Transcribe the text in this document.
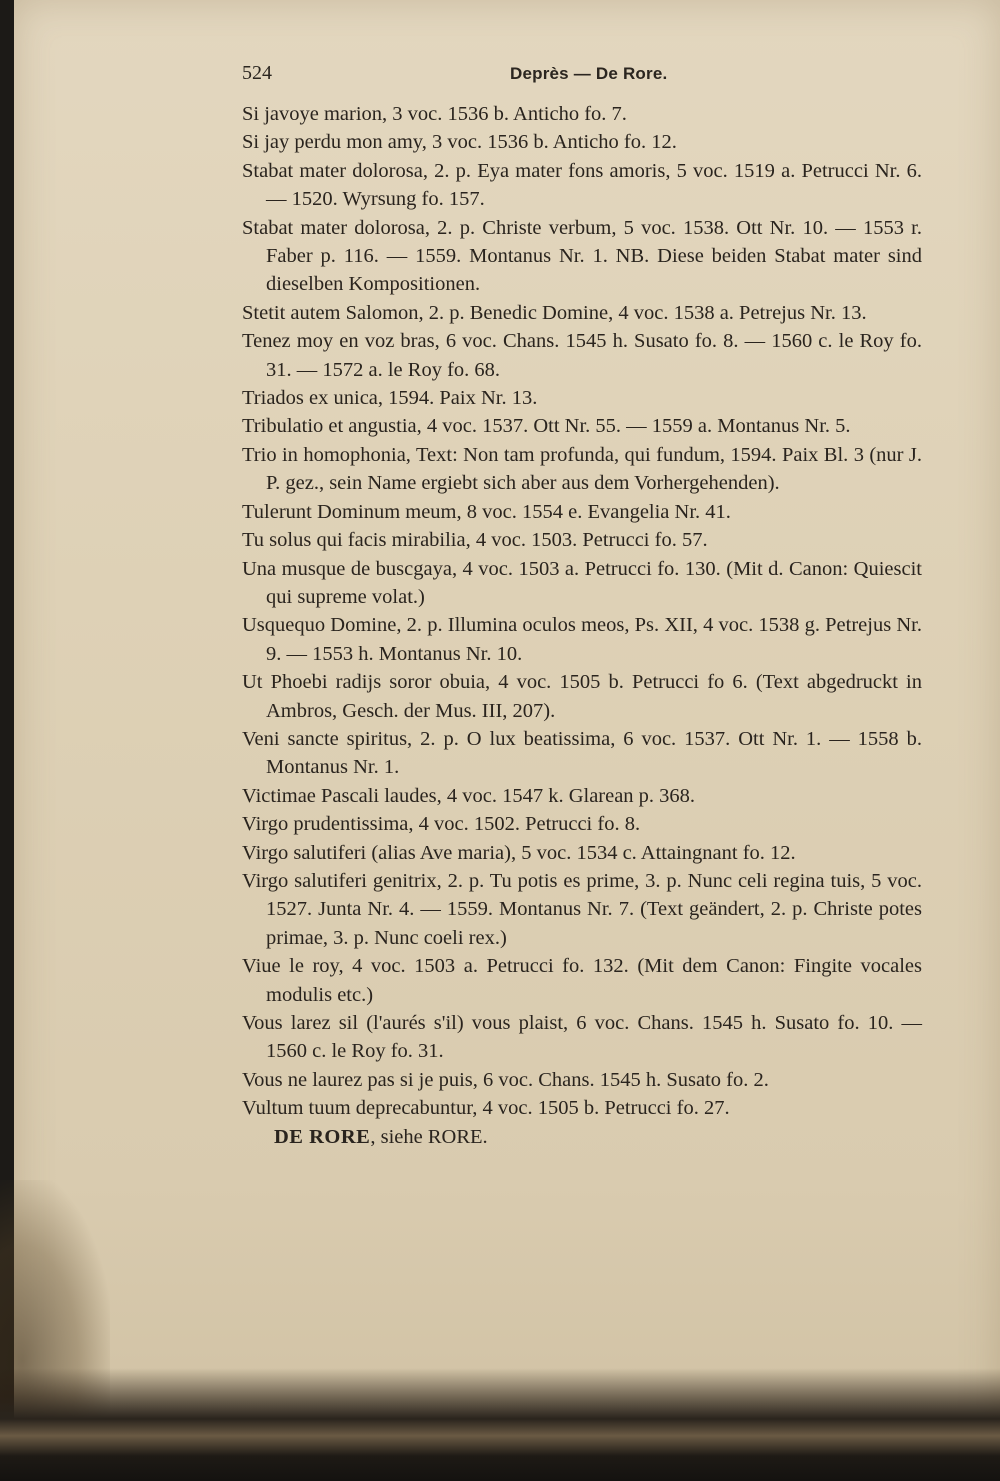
524	Deprès — De Rore.

Si javoye marion, 3 voc. 1536 b. Anticho fo. 7.

Si jay perdu mon amy, 3 voc. 1536 b. Anticho fo. 12.

Stabat mater dolorosa, 2. p. Eya mater fons amoris, 5 voc. 1519 a. Petrucci Nr. 6. — 1520. Wyrsung fo. 157.

Stabat mater dolorosa, 2. p. Christe verbum, 5 voc. 1538. Ott Nr. 10. — 1553 r. Faber p. 116. — 1559. Montanus Nr. 1. NB. Diese beiden Stabat mater sind dieselben Kompositionen.

Stetit autem Salomon, 2. p. Benedic Domine, 4 voc. 1538 a. Petrejus Nr. 13.

Tenez moy en voz bras, 6 voc. Chans. 1545 h. Susato fo. 8. — 1560 c. le Roy fo. 31. — 1572 a. le Roy fo. 68.

Triados ex unica, 1594. Paix Nr. 13.

Tribulatio et angustia, 4 voc. 1537. Ott Nr. 55. — 1559 a. Montanus Nr. 5.

Trio in homophonia, Text: Non tam profunda, qui fundum, 1594. Paix Bl. 3 (nur J. P. gez., sein Name ergiebt sich aber aus dem Vorhergehenden).

Tulerunt Dominum meum, 8 voc. 1554 e. Evangelia Nr. 41.

Tu solus qui facis mirabilia, 4 voc. 1503. Petrucci fo. 57.

Una musque de buscgaya, 4 voc. 1503 a. Petrucci fo. 130. (Mit d. Canon: Quiescit qui supreme volat.)

Usquequo Domine, 2. p. Illumina oculos meos, Ps. XII, 4 voc. 1538 g. Petrejus Nr. 9. — 1553 h. Montanus Nr. 10.

Ut Phoebi radijs soror obuia, 4 voc. 1505 b. Petrucci fo 6. (Text abgedruckt in Ambros, Gesch. der Mus. III, 207).

Veni sancte spiritus, 2. p. O lux beatissima, 6 voc. 1537. Ott Nr. 1. — 1558 b. Montanus Nr. 1.

Victimae Pascali laudes, 4 voc. 1547 k. Glarean p. 368.

Virgo prudentissima, 4 voc. 1502. Petrucci fo. 8.

Virgo salutiferi (alias Ave maria), 5 voc. 1534 c. Attaingnant fo. 12.

Virgo salutiferi genitrix, 2. p. Tu potis es prime, 3. p. Nunc celi regina tuis, 5 voc. 1527. Junta Nr. 4. — 1559. Montanus Nr. 7. (Text geändert, 2. p. Christe potes primae, 3. p. Nunc coeli rex.)

Viue le roy, 4 voc. 1503 a. Petrucci fo. 132. (Mit dem Canon: Fingite vocales modulis etc.)

Vous larez sil (l'aurés s'il) vous plaist, 6 voc. Chans. 1545 h. Susato fo. 10. — 1560 c. le Roy fo. 31.

Vous ne laurez pas si je puis, 6 voc. Chans. 1545 h. Susato fo. 2.

Vultum tuum deprecabuntur, 4 voc. 1505 b. Petrucci fo. 27.

DE RORE, siehe RORE.
